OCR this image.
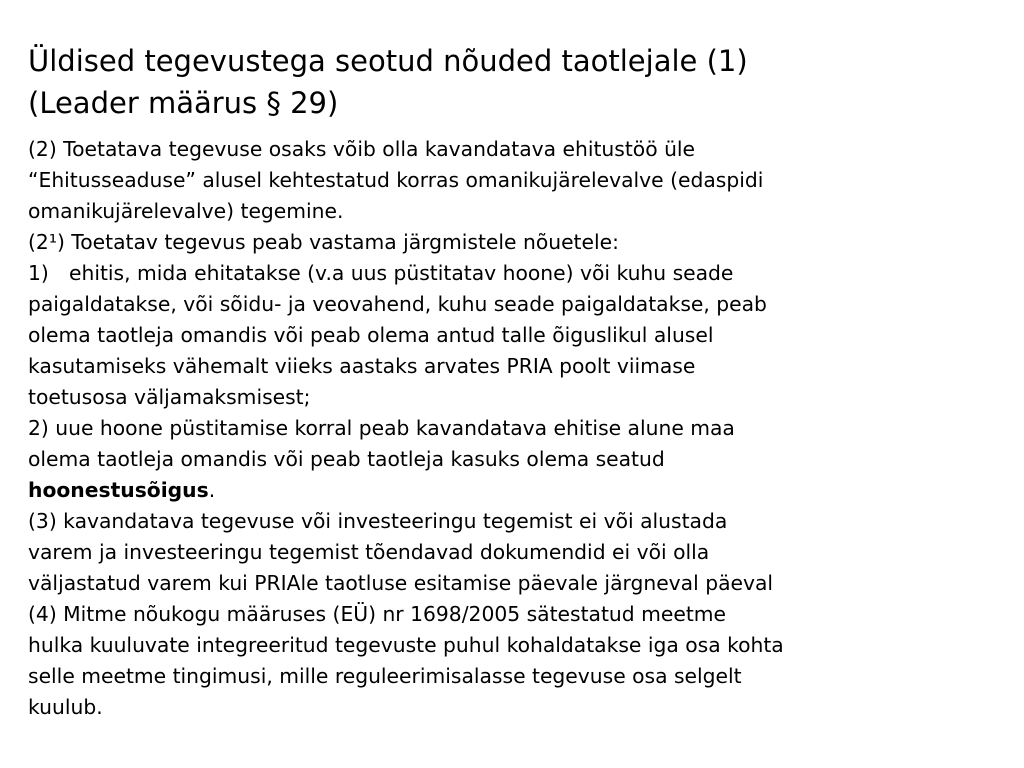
Üldised tegevustega seotud nõuded taotlejale (1)
(Leader määrus § 29)
(2) Toetatava tegevuse osaks võib olla kavandatava ehitustöö üle
“Ehitusseaduse” alusel kehtestatud korras omanikujärelevalve (edaspidi
omanikujärelevalve) tegemine.
(2¹) Toetatav tegevus peab vastama järgmistele nõuetele:
1) ehitis, mida ehitatakse (v.a uus püstitatav hoone) või kuhu seade
paigaldatakse, või sõidu- ja veovahend, kuhu seade paigaldatakse, peab
olema taotleja omandis või peab olema antud talle õiguslikul alusel
kasutamiseks vähemalt viieks aastaks arvates PRIA poolt viimase
toetusosa väljamaksmisest;
2) uue hoone püstitamise korral peab kavandatava ehitise alune maa
olema taotleja omandis või peab taotleja kasuks olema seatud
hoonestusõigus.
(3) kavandatava tegevuse või investeeringu tegemist ei või alustada
varem ja investeeringu tegemist tõendavad dokumendid ei või olla
väljastatud varem kui PRIAle taotluse esitamise päevale järgneval päeval
(4) Mitme nõukogu määruses (EÜ) nr 1698/2005 sätestatud meetme
hulka kuuluvate integreeritud tegevuste puhul kohaldatakse iga osa kohta
selle meetme tingimusi, mille reguleerimisalasse tegevuse osa selgelt
kuulub.
